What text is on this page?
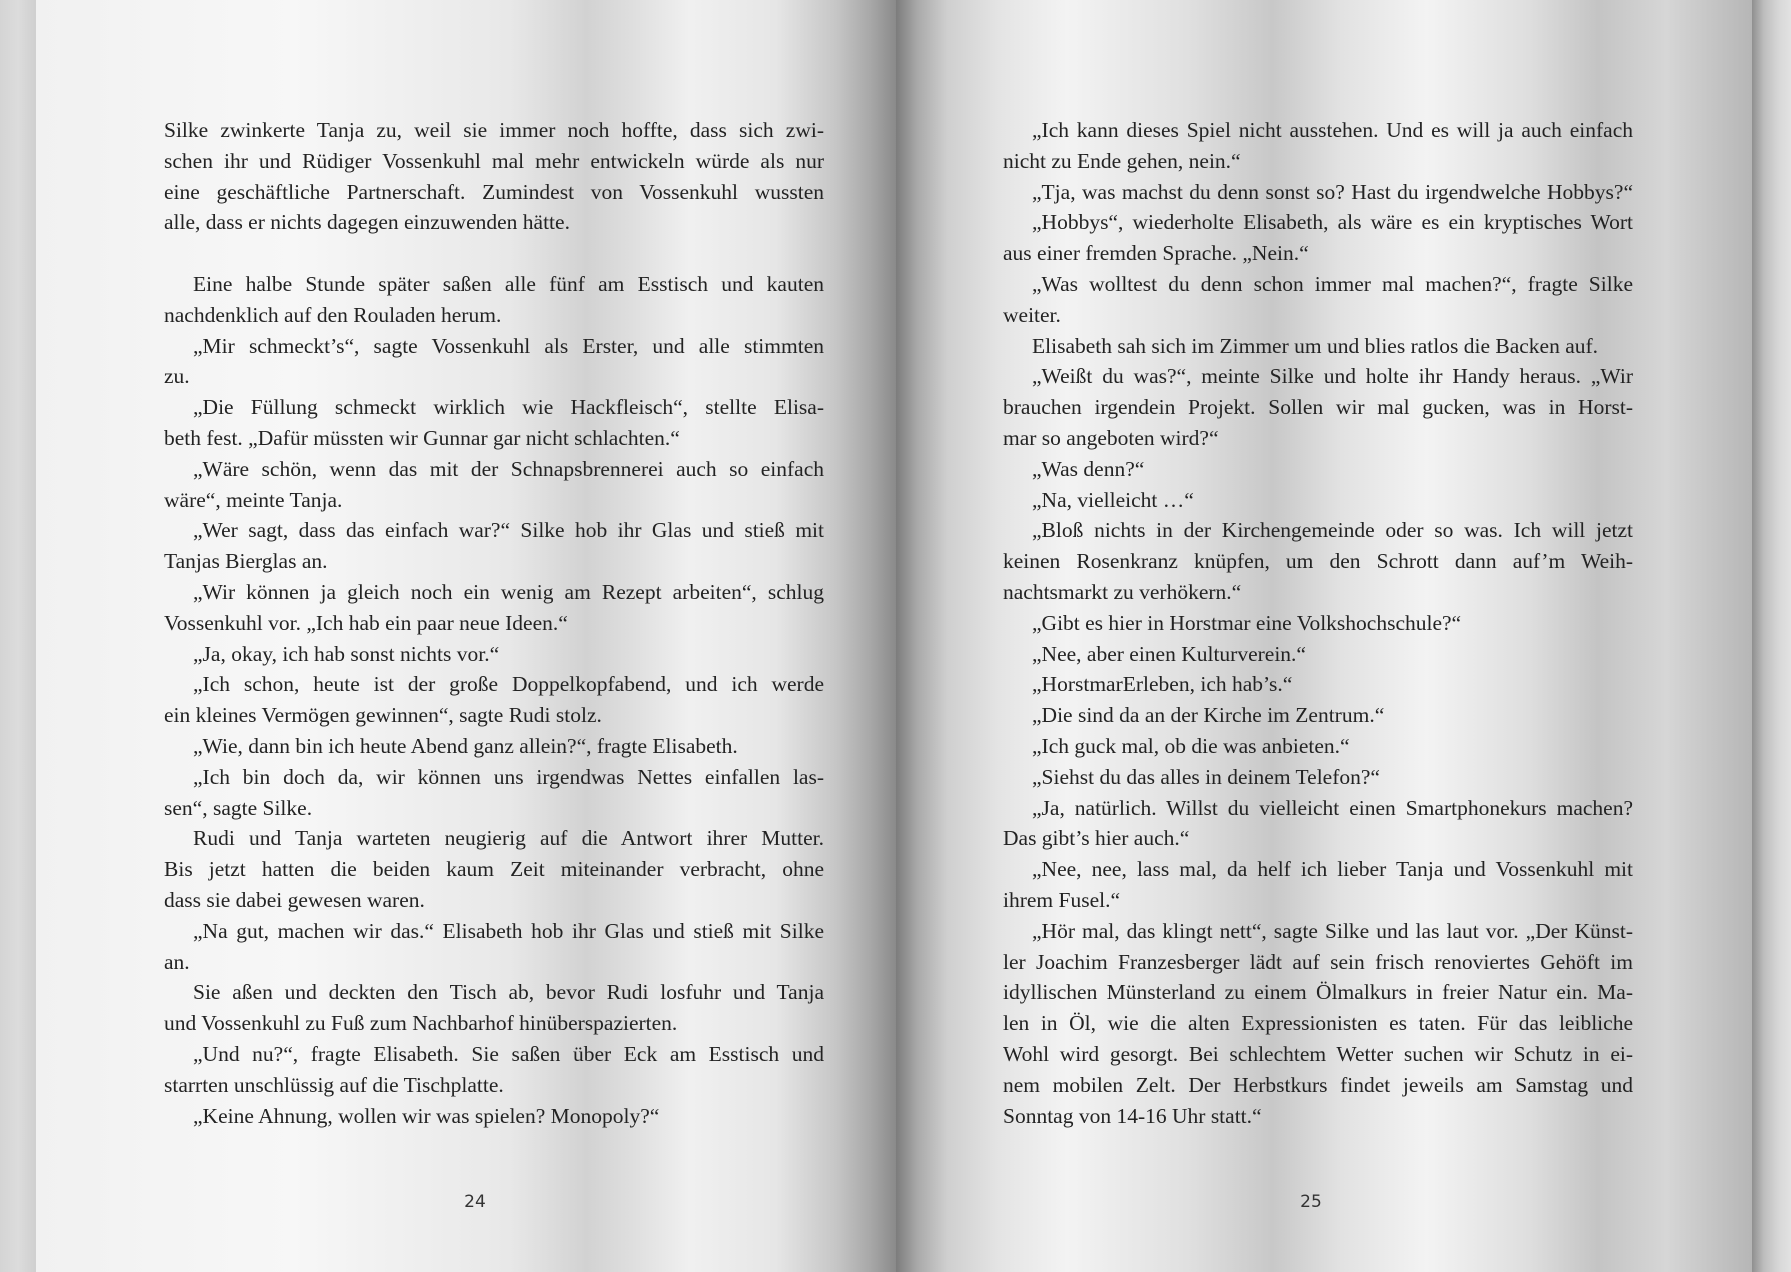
Silke zwinkerte Tanja zu, weil sie immer noch hoffte, dass sich zwi-
schen ihr und Rüdiger Vossenkuhl mal mehr entwickeln würde als nur
eine geschäftliche Partnerschaft. Zumindest von Vossenkuhl wussten
alle, dass er nichts dagegen einzuwenden hätte.
Eine halbe Stunde später saßen alle fünf am Esstisch und kauten
nachdenklich auf den Rouladen herum.
„Mir schmeckt’s“, sagte Vossenkuhl als Erster, und alle stimmten
zu.
„Die Füllung schmeckt wirklich wie Hackfleisch“, stellte Elisa-
beth fest. „Dafür müssten wir Gunnar gar nicht schlachten.“
„Wäre schön, wenn das mit der Schnapsbrennerei auch so einfach
wäre“, meinte Tanja.
„Wer sagt, dass das einfach war?“ Silke hob ihr Glas und stieß mit
Tanjas Bierglas an.
„Wir können ja gleich noch ein wenig am Rezept arbeiten“, schlug
Vossenkuhl vor. „Ich hab ein paar neue Ideen.“
„Ja, okay, ich hab sonst nichts vor.“
„Ich schon, heute ist der große Doppelkopfabend, und ich werde
ein kleines Vermögen gewinnen“, sagte Rudi stolz.
„Wie, dann bin ich heute Abend ganz allein?“, fragte Elisabeth.
„Ich bin doch da, wir können uns irgendwas Nettes einfallen las-
sen“, sagte Silke.
Rudi und Tanja warteten neugierig auf die Antwort ihrer Mutter.
Bis jetzt hatten die beiden kaum Zeit miteinander verbracht, ohne
dass sie dabei gewesen waren.
„Na gut, machen wir das.“ Elisabeth hob ihr Glas und stieß mit Silke
an.
Sie aßen und deckten den Tisch ab, bevor Rudi losfuhr und Tanja
und Vossenkuhl zu Fuß zum Nachbarhof hinüberspazierten.
„Und nu?“, fragte Elisabeth. Sie saßen über Eck am Esstisch und
starrten unschlüssig auf die Tischplatte.
„Keine Ahnung, wollen wir was spielen? Monopoly?“
24
„Ich kann dieses Spiel nicht ausstehen. Und es will ja auch einfach
nicht zu Ende gehen, nein.“
„Tja, was machst du denn sonst so? Hast du irgendwelche Hobbys?“
„Hobbys“, wiederholte Elisabeth, als wäre es ein kryptisches Wort
aus einer fremden Sprache. „Nein.“
„Was wolltest du denn schon immer mal machen?“, fragte Silke
weiter.
Elisabeth sah sich im Zimmer um und blies ratlos die Backen auf.
„Weißt du was?“, meinte Silke und holte ihr Handy heraus. „Wir
brauchen irgendein Projekt. Sollen wir mal gucken, was in Horst-
mar so angeboten wird?“
„Was denn?“
„Na, vielleicht …“
„Bloß nichts in der Kirchengemeinde oder so was. Ich will jetzt
keinen Rosenkranz knüpfen, um den Schrott dann auf’m Weih-
nachtsmarkt zu verhökern.“
„Gibt es hier in Horstmar eine Volkshochschule?“
„Nee, aber einen Kulturverein.“
„HorstmarErleben, ich hab’s.“
„Die sind da an der Kirche im Zentrum.“
„Ich guck mal, ob die was anbieten.“
„Siehst du das alles in deinem Telefon?“
„Ja, natürlich. Willst du vielleicht einen Smartphonekurs machen?
Das gibt’s hier auch.“
„Nee, nee, lass mal, da helf ich lieber Tanja und Vossenkuhl mit
ihrem Fusel.“
„Hör mal, das klingt nett“, sagte Silke und las laut vor. „Der Künst-
ler Joachim Franzesberger lädt auf sein frisch renoviertes Gehöft im
idyllischen Münsterland zu einem Ölmalkurs in freier Natur ein. Ma-
len in Öl, wie die alten Expressionisten es taten. Für das leibliche
Wohl wird gesorgt. Bei schlechtem Wetter suchen wir Schutz in ei-
nem mobilen Zelt. Der Herbstkurs findet jeweils am Samstag und
Sonntag von 14-16 Uhr statt.“
25
